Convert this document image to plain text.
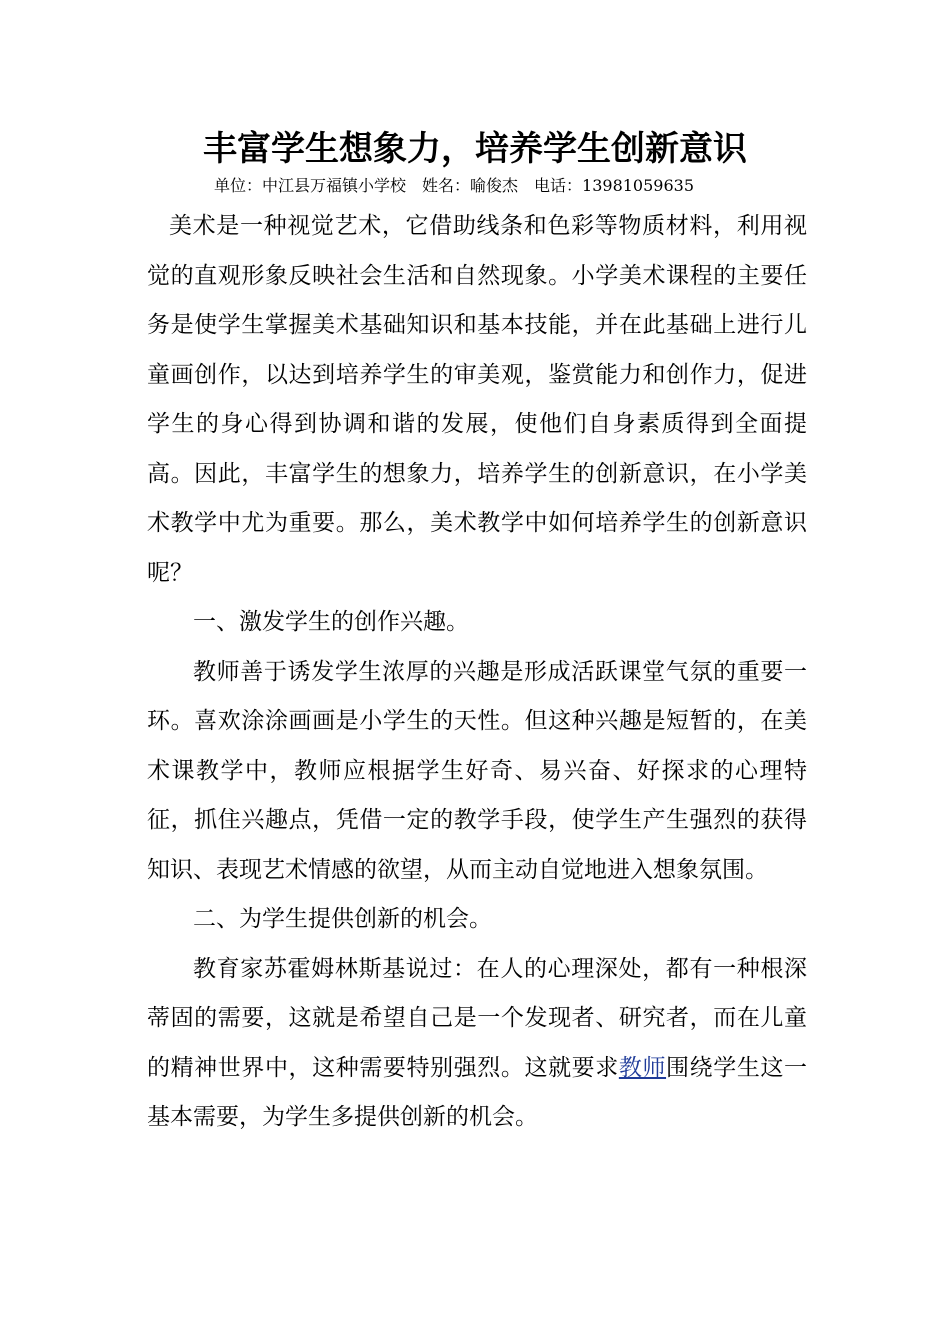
丰富学生想象力，培养学生创新意识
单位：中江县万福镇小学校 姓名：喻俊杰 电话：13981059635

美术是一种视觉艺术，它借助线条和色彩等物质材料，利用视觉的直观形象反映社会生活和自然现象。小学美术课程的主要任务是使学生掌握美术基础知识和基本技能，并在此基础上进行儿童画创作，以达到培养学生的审美观，鉴赏能力和创作力，促进学生的身心得到协调和谐的发展，使他们自身素质得到全面提高。因此，丰富学生的想象力，培养学生的创新意识，在小学美术教学中尤为重要。那么，美术教学中如何培养学生的创新意识呢？

一、激发学生的创作兴趣。

教师善于诱发学生浓厚的兴趣是形成活跃课堂气氛的重要一环。喜欢涂涂画画是小学生的天性。但这种兴趣是短暂的，在美术课教学中，教师应根据学生好奇、易兴奋、好探求的心理特征，抓住兴趣点，凭借一定的教学手段，使学生产生强烈的获得知识、表现艺术情感的欲望，从而主动自觉地进入想象氛围。

二、为学生提供创新的机会。

教育家苏霍姆林斯基说过：在人的心理深处，都有一种根深蒂固的需要，这就是希望自己是一个发现者、研究者，而在儿童的精神世界中，这种需要特别强烈。这就要求教师围绕学生这一基本需要，为学生多提供创新的机会。
